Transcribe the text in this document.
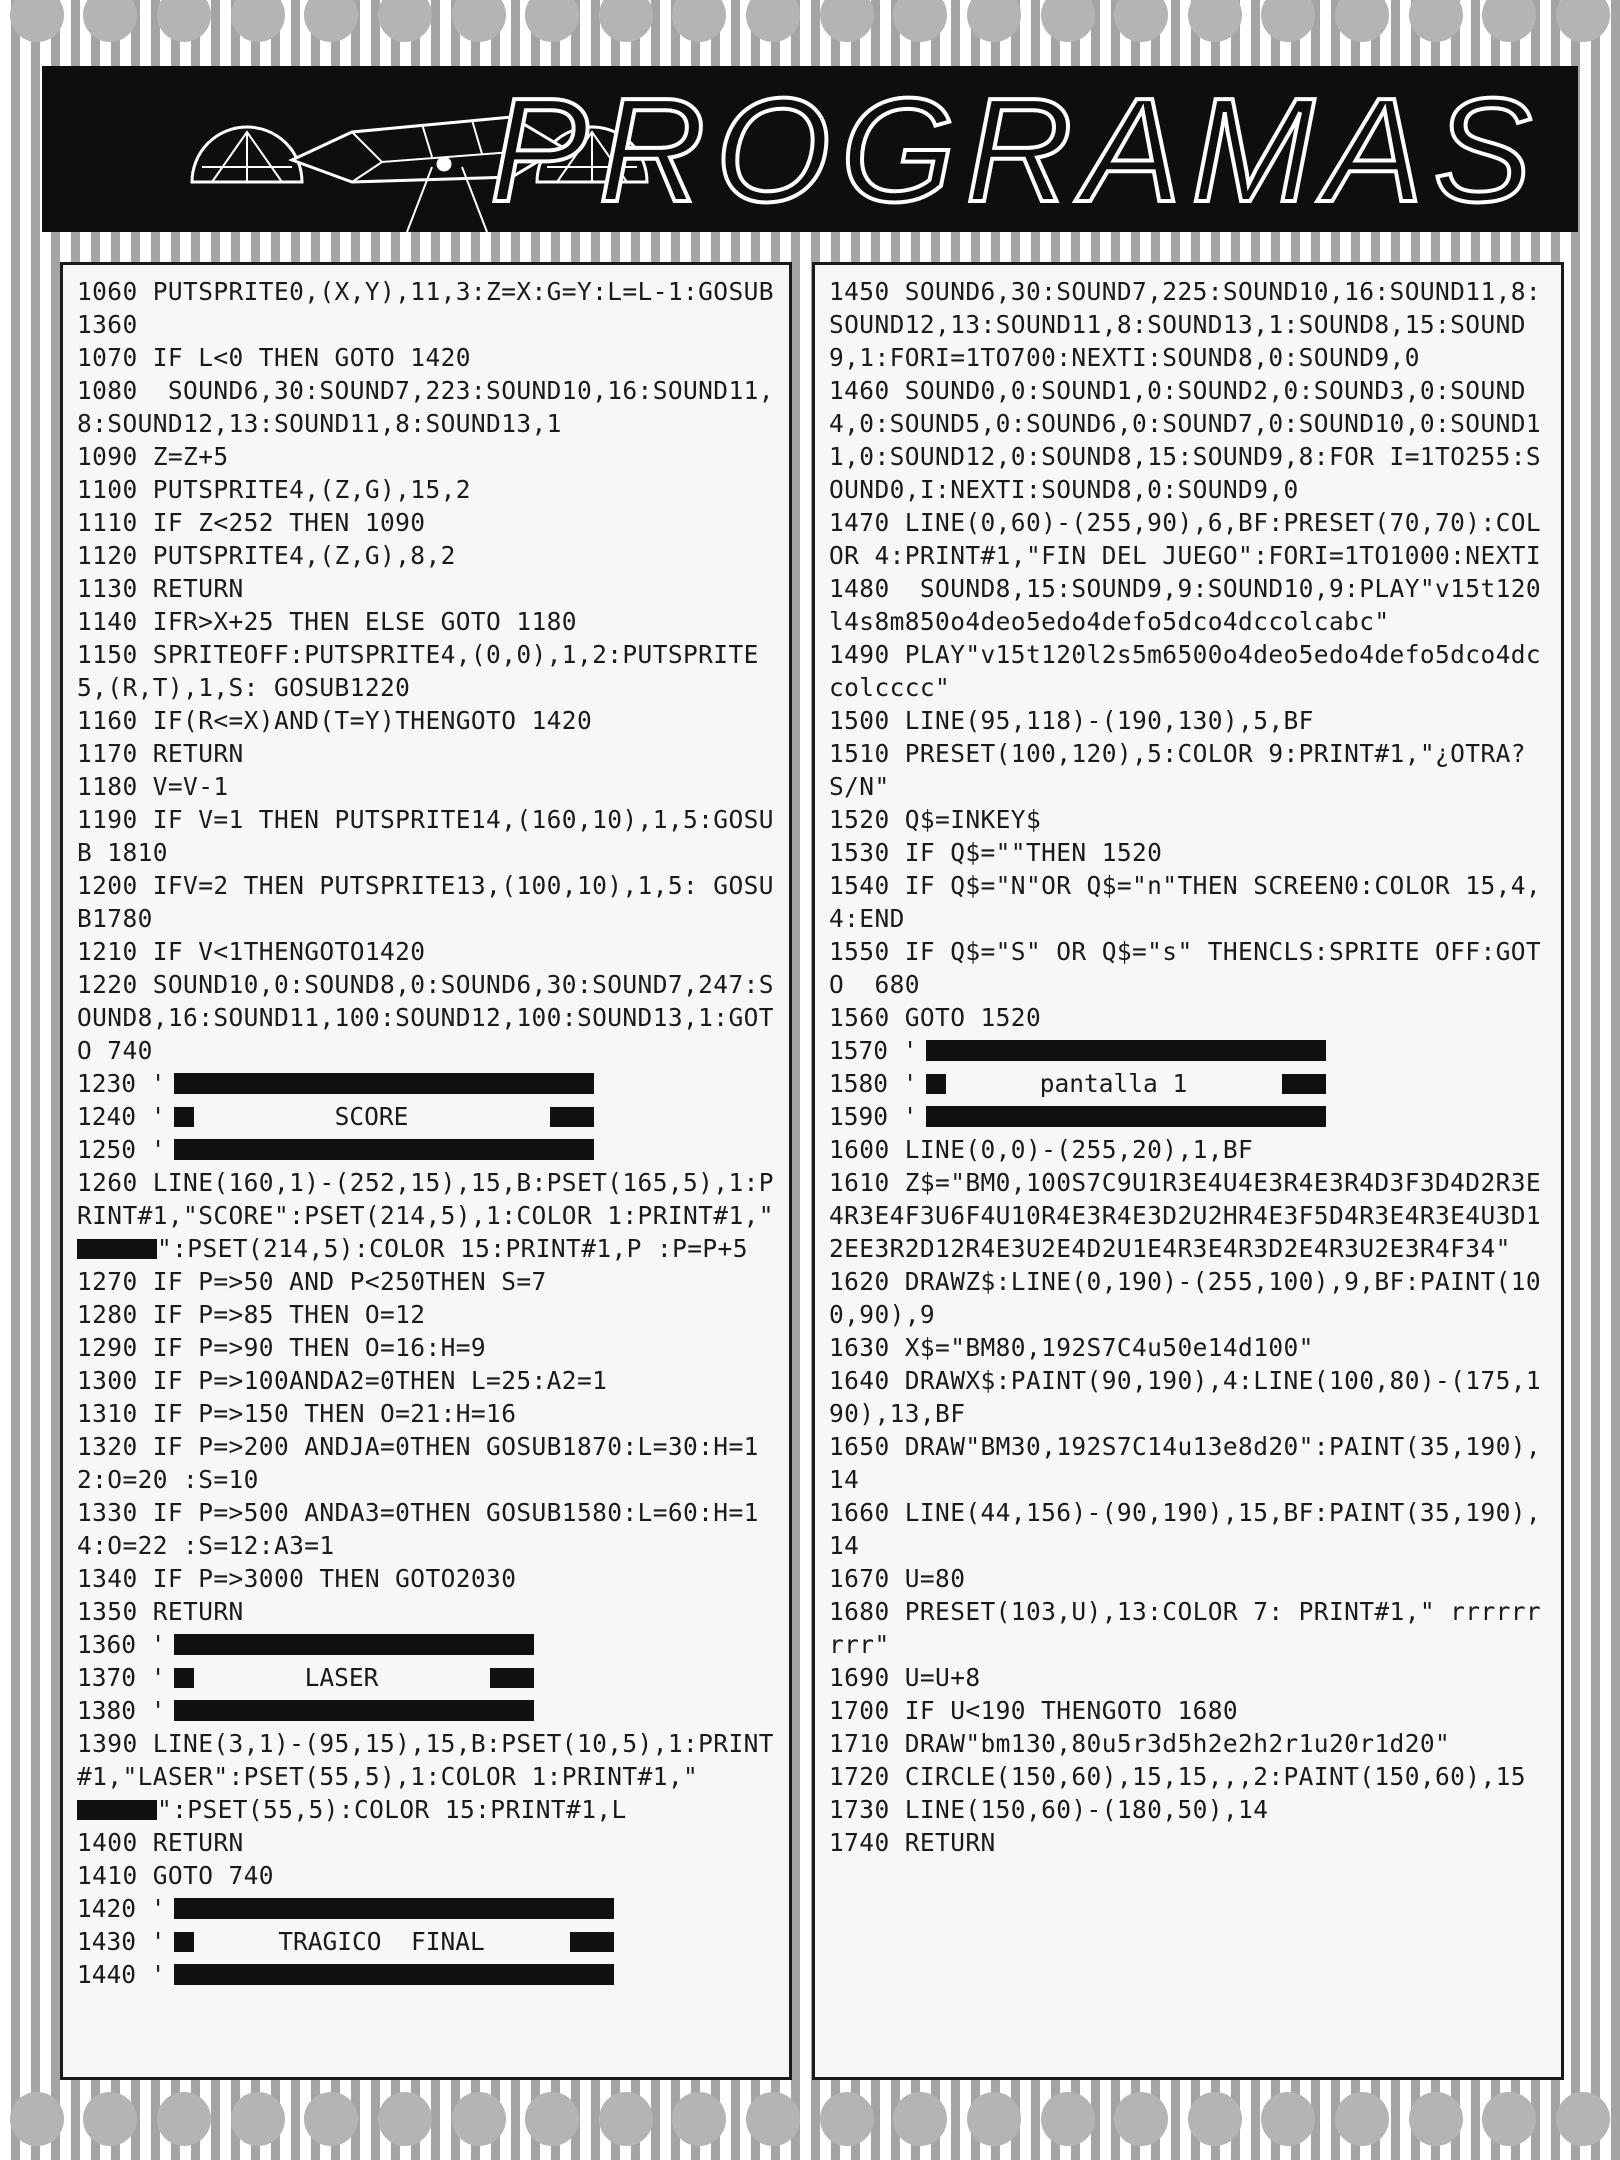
PROGRAMAS

1060 PUTSPRITE0,(X,Y),11,3:Z=X:G=Y:L=L-1:GOSUB1360

1070 IF L<0 THEN GOTO 1420

1080  SOUND6,30:SOUND7,223:SOUND10,16:SOUND11,8:SOUND12,13:SOUND11,8:SOUND13,1

1090 Z=Z+5

1100 PUTSPRITE4,(Z,G),15,2

1110 IF Z<252 THEN 1090

1120 PUTSPRITE4,(Z,G),8,2

1130 RETURN

1140 IFR>X+25 THEN ELSE GOTO 1180

1150 SPRITEOFF:PUTSPRITE4,(0,0),1,2:PUTSPRITE5,(R,T),1,S: GOSUB1220

1160 IF(R<=X)AND(T=Y)THENGOTO 1420

1170 RETURN

1180 V=V-1

1190 IF V=1 THEN PUTSPRITE14,(160,10),1,5:GOSUB 1810

1200 IFV=2 THEN PUTSPRITE13,(100,10),1,5: GOSUB1780

1210 IF V<1THENGOTO1420

1220 SOUND10,0:SOUND8,0:SOUND6,30:SOUND7,247:SOUND8,16:SOUND11,100:SOUND12,100:SOUND13,1:GOTO 740

1230 '
1240 '	SCORE
1250 '

1260 LINE(160,1)-(252,15),15,B:PSET(165,5),1:PRINT#1,"SCORE":PSET(214,5),1:COLOR 1:PRINT#1,"":PSET(214,5):COLOR 15:PRINT#1,P :P=P+5

1270 IF P=>50 AND P<250THEN S=7

1280 IF P=>85 THEN O=12

1290 IF P=>90 THEN O=16:H=9

1300 IF P=>100ANDA2=0THEN L=25:A2=1

1310 IF P=>150 THEN O=21:H=16

1320 IF P=>200 ANDJA=0THEN GOSUB1870:L=30:H=12:O=20 :S=10

1330 IF P=>500 ANDA3=0THEN GOSUB1580:L=60:H=14:O=22 :S=12:A3=1

1340 IF P=>3000 THEN GOTO2030

1350 RETURN

1360 '
1370 '	LASER
1380 '

1390 LINE(3,1)-(95,15),15,B:PSET(10,5),1:PRINT#1,"LASER":PSET(55,5),1:COLOR 1:PRINT#1,"":PSET(55,5):COLOR 15:PRINT#1,L

1400 RETURN

1410 GOTO 740

1420 '
1430 '	TRAGICO  FINAL
1440 '

1450 SOUND6,30:SOUND7,225:SOUND10,16:SOUND11,8:SOUND12,13:SOUND11,8:SOUND13,1:SOUND8,15:SOUND9,1:FORI=1TO700:NEXTI:SOUND8,0:SOUND9,0

1460 SOUND0,0:SOUND1,0:SOUND2,0:SOUND3,0:SOUND4,0:SOUND5,0:SOUND6,0:SOUND7,0:SOUND10,0:SOUND11,0:SOUND12,0:SOUND8,15:SOUND9,8:FOR I=1TO255:SOUND0,I:NEXTI:SOUND8,0:SOUND9,0

1470 LINE(0,60)-(255,90),6,BF:PRESET(70,70):COLOR 4:PRINT#1,"FIN DEL JUEGO":FORI=1TO1000:NEXTI

1480  SOUND8,15:SOUND9,9:SOUND10,9:PLAY"v15t120l4s8m850o4deo5edo4defo5dco4dccolcabc"

1490 PLAY"v15t120l2s5m6500o4deo5edo4defo5dco4dccolcccc"

1500 LINE(95,118)-(190,130),5,BF

1510 PRESET(100,120),5:COLOR 9:PRINT#1,"¿OTRA? S/N"

1520 Q$=INKEY$

1530 IF Q$=""THEN 1520

1540 IF Q$="N"OR Q$="n"THEN SCREEN0:COLOR 15,4,4:END

1550 IF Q$="S" OR Q$="s" THENCLS:SPRITE OFF:GOTO  680

1560 GOTO 1520

1570 '
1580 '	pantalla 1
1590 '

1600 LINE(0,0)-(255,20),1,BF

1610 Z$="BM0,100S7C9U1R3E4U4E3R4E3R4D3F3D4D2R3E4R3E4F3U6F4U10R4E3R4E3D2U2HR4E3F5D4R3E4R3E4U3D12EE3R2D12R4E3U2E4D2U1E4R3E4R3D2E4R3U2E3R4F34"

1620 DRAWZ$:LINE(0,190)-(255,100),9,BF:PAINT(100,90),9

1630 X$="BM80,192S7C4u50e14d100"

1640 DRAWX$:PAINT(90,190),4:LINE(100,80)-(175,190),13,BF

1650 DRAW"BM30,192S7C14u13e8d20":PAINT(35,190),14

1660 LINE(44,156)-(90,190),15,BF:PAINT(35,190),14

1670 U=80

1680 PRESET(103,U),13:COLOR 7: PRINT#1," rrrrrrrrr"

1690 U=U+8

1700 IF U<190 THENGOTO 1680

1710 DRAW"bm130,80u5r3d5h2e2h2r1u20r1d20"

1720 CIRCLE(150,60),15,15,,,2:PAINT(150,60),15

1730 LINE(150,60)-(180,50),14

1740 RETURN
